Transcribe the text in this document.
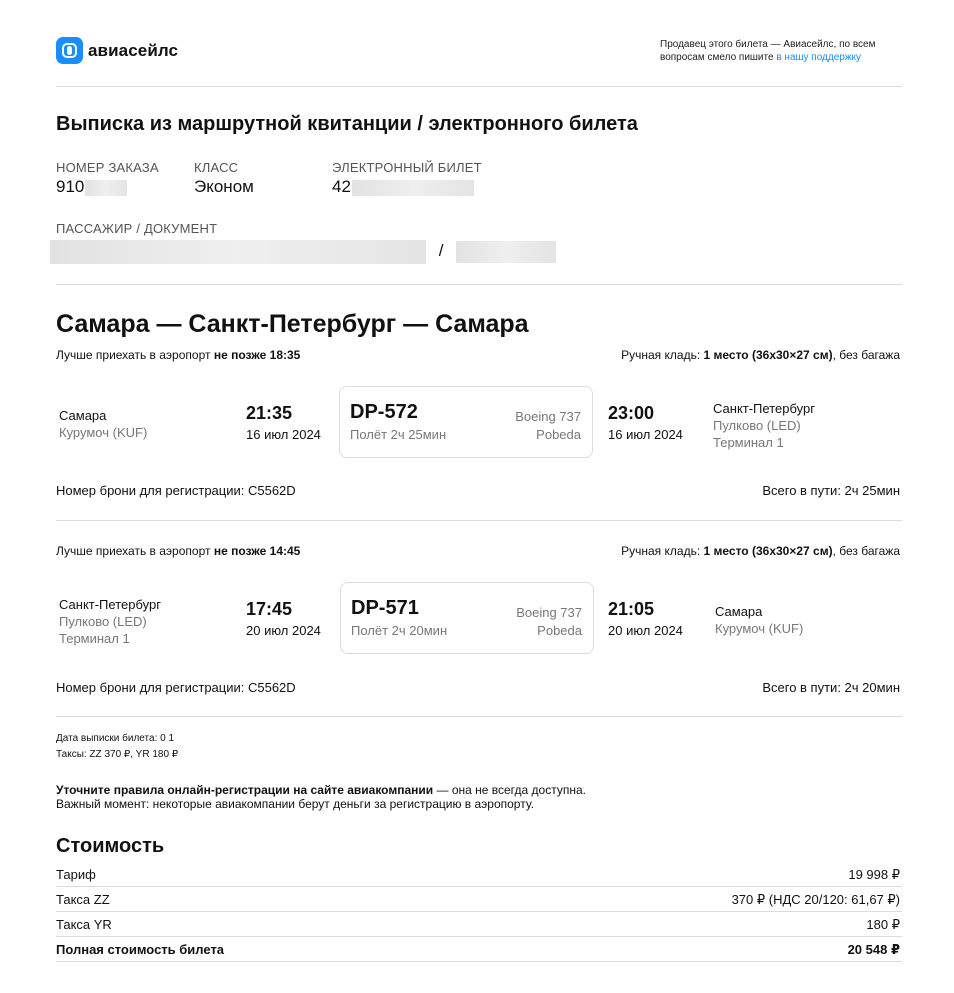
авиасейлс	Продавец этого билета — Авиасейлс, по всем вопросам смело пишите в нашу поддержку
Выписка из маршрутной квитанции / электронного билета
НОМЕР ЗАКАЗА
910
КЛАСС
Эконом
ЭЛЕКТРОННЫЙ БИЛЕТ
42
ПАССАЖИР / ДОКУМЕНТ
/
Самара — Санкт-Петербург — Самара
Лучше приехать в аэропорт не позже 18:35	Ручная кладь: 1 место (36х30×27 см), без багажа
Самара
Курумоч (KUF)
21:35
16 июл 2024
DP-572
Полёт 2ч 25мин
Boeing 737
Pobeda
23:00
16 июл 2024
Санкт-Петербург
Пулково (LED)
Терминал 1
Номер брони для регистрации: C5562D	Всего в пути: 2ч 25мин
Лучше приехать в аэропорт не позже 14:45	Ручная кладь: 1 место (36х30×27 см), без багажа
Санкт-Петербург
Пулково (LED)
Терминал 1
17:45
20 июл 2024
DP-571
Полёт 2ч 20мин
Boeing 737
Pobeda
21:05
20 июл 2024
Самара
Курумоч (KUF)
Номер брони для регистрации: C5562D	Всего в пути: 2ч 20мин
Дата выписки билета: 0 1
Таксы: ZZ 370 ₽, YR 180 ₽
Уточните правила онлайн-регистрации на сайте авиакомпании — она не всегда доступна.
Важный момент: некоторые авиакомпании берут деньги за регистрацию в аэропорту.
Стоимость
Тариф	19 998 ₽
Такса ZZ	370 ₽ (НДС 20/120: 61,67 ₽)
Такса YR	180 ₽
Полная стоимость билета	20 548 ₽
